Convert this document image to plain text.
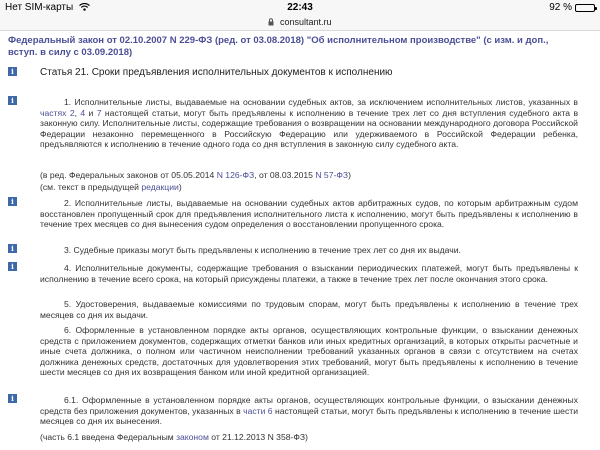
Нет SIM-карты	22:43	92 %
consultant.ru
Федеральный закон от 02.10.2007 N 229-ФЗ (ред. от 03.08.2018) "Об исполнительном производстве" (с изм. и доп.,
вступ. в силу с 03.09.2018)
i	Статья 21. Сроки предъявления исполнительных документов к исполнению
i	1. Исполнительные листы, выдаваемые на основании судебных актов, за исключением исполнительных листов, указанных в частях 2, 4 и 7 настоящей статьи, могут быть предъявлены к исполнению в течение трех лет со дня вступления судебного акта в законную силу. Исполнительные листы, содержащие требования о возвращении на основании международного договора Российской Федерации незаконно перемещенного в Российскую Федерацию или удерживаемого в Российской Федерации ребенка, предъявляются к исполнению в течение одного года со дня вступления в законную силу судебного акта.
(в ред. Федеральных законов от 05.05.2014 N 126-ФЗ, от 08.03.2015 N 57-ФЗ)
(см. текст в предыдущей редакции)
i	2. Исполнительные листы, выдаваемые на основании судебных актов арбитражных судов, по которым арбитражным судом восстановлен пропущенный срок для предъявления исполнительного листа к исполнению, могут быть предъявлены к исполнению в течение трех месяцев со дня вынесения судом определения о восстановлении пропущенного срока.
i	3. Судебные приказы могут быть предъявлены к исполнению в течение трех лет со дня их выдачи.
i	4. Исполнительные документы, содержащие требования о взыскании периодических платежей, могут быть предъявлены к исполнению в течение всего срока, на который присуждены платежи, а также в течение трех лет после окончания этого срока.
5. Удостоверения, выдаваемые комиссиями по трудовым спорам, могут быть предъявлены к исполнению в течение трех месяцев со дня их выдачи.
6. Оформленные в установленном порядке акты органов, осуществляющих контрольные функции, о взыскании денежных средств с приложением документов, содержащих отметки банков или иных кредитных организаций, в которых открыты расчетные и иные счета должника, о полном или частичном неисполнении требований указанных органов в связи с отсутствием на счетах должника денежных средств, достаточных для удовлетворения этих требований, могут быть предъявлены к исполнению в течение шести месяцев со дня их возвращения банком или иной кредитной организацией.
i	6.1. Оформленные в установленном порядке акты органов, осуществляющих контрольные функции, о взыскании денежных средств без приложения документов, указанных в части 6 настоящей статьи, могут быть предъявлены к исполнению в течение шести месяцев со дня их вынесения.
(часть 6.1 введена Федеральным законом от 21.12.2013 N 358-ФЗ)
